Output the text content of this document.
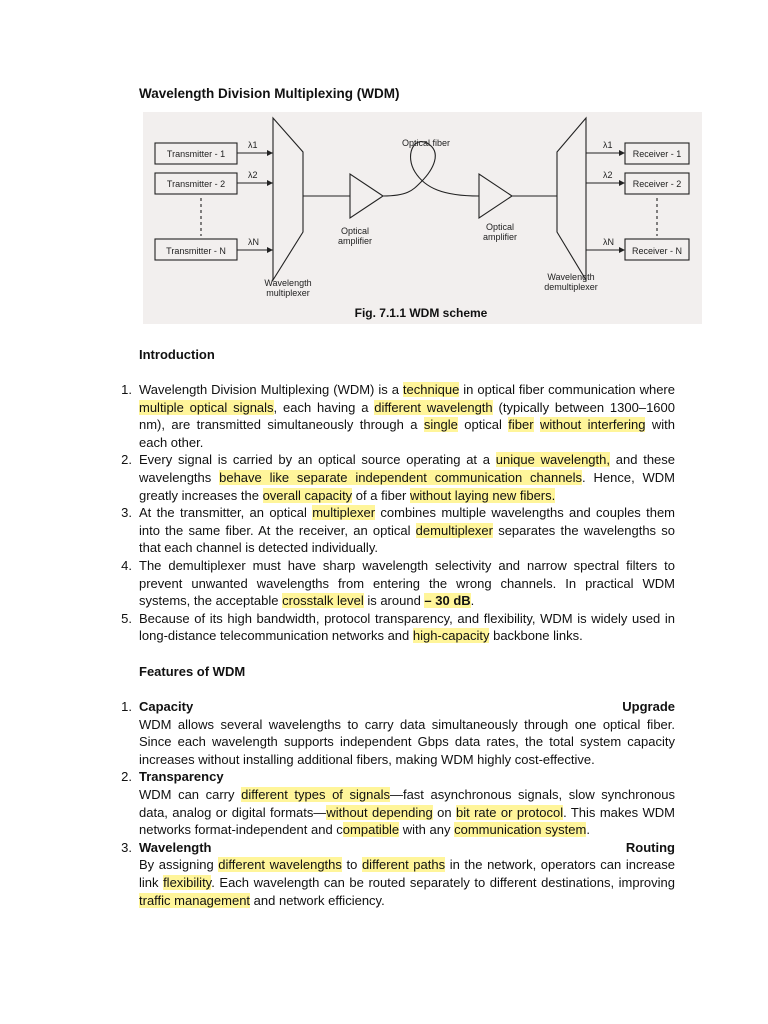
Wavelength Division Multiplexing (WDM)
Transmitter - 1
Transmitter - 2
Transmitter - N
Receiver - 1
Receiver - 2
Receiver - N
λ1
λ2
λN
λ1
λ2
λN
Optical fiber
Optical
amplifier
Optical
amplifier
Wavelength
multiplexer
Wavelength
demultiplexer
Fig. 7.1.1 WDM scheme
Introduction
1. Wavelength Division Multiplexing (WDM) is a technique in optical fiber communication where multiple optical signals, each having a different wavelength (typically between 1300–1600 nm), are transmitted simultaneously through a single optical fiber without interfering with each other.
2. Every signal is carried by an optical source operating at a unique wavelength, and these wavelengths behave like separate independent communication channels. Hence, WDM greatly increases the overall capacity of a fiber without laying new fibers.
3. At the transmitter, an optical multiplexer combines multiple wavelengths and couples them into the same fiber. At the receiver, an optical demultiplexer separates the wavelengths so that each channel is detected individually.
4. The demultiplexer must have sharp wavelength selectivity and narrow spectral filters to prevent unwanted wavelengths from entering the wrong channels. In practical WDM systems, the acceptable crosstalk level is around – 30 dB.
5. Because of its high bandwidth, protocol transparency, and flexibility, WDM is widely used in long-distance telecommunication networks and high-capacity backbone links.
Features of WDM
1. Capacity	Upgrade
WDM allows several wavelengths to carry data simultaneously through one optical fiber. Since each wavelength supports independent Gbps data rates, the total system capacity increases without installing additional fibers, making WDM highly cost-effective.
2. Transparency
WDM can carry different types of signals—fast asynchronous signals, slow synchronous data, analog or digital formats—without depending on bit rate or protocol. This makes WDM networks format-independent and compatible with any communication system.
3. Wavelength	Routing
By assigning different wavelengths to different paths in the network, operators can increase link flexibility. Each wavelength can be routed separately to different destinations, improving traffic management and network efficiency.
